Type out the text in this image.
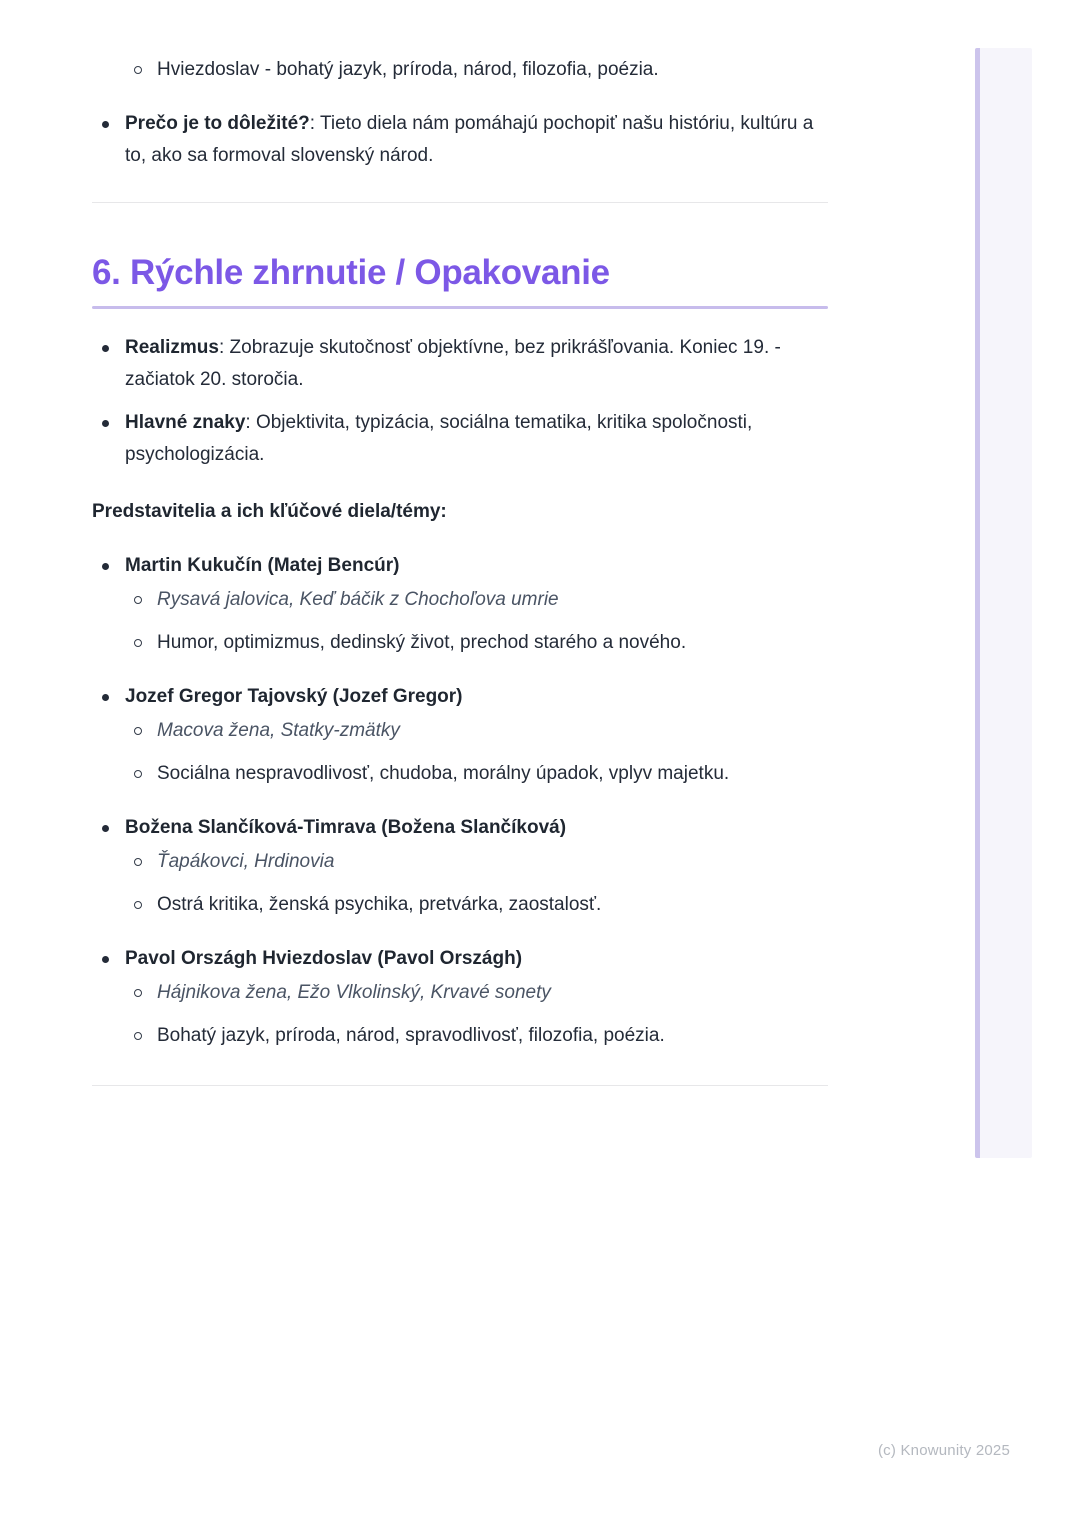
Hviezdoslav - bohatý jazyk, príroda, národ, filozofia, poézia.
Prečo je to dôležité?: Tieto diela nám pomáhajú pochopiť našu históriu, kultúru a to, ako sa formoval slovenský národ.
6. Rýchle zhrnutie / Opakovanie
Realizmus: Zobrazuje skutočnosť objektívne, bez prikrášľovania. Koniec 19. - začiatok 20. storočia.
Hlavné znaky: Objektivita, typizácia, sociálna tematika, kritika spoločnosti, psychologizácia.

Predstavitelia a ich kľúčové diela/témy:

Martin Kukučín (Matej Bencúr)
Rysavá jalovica, Keď báčik z Chochoľova umrie
Humor, optimizmus, dedinský život, prechod starého a nového.
Jozef Gregor Tajovský (Jozef Gregor)
Macova žena, Statky-zmätky
Sociálna nespravodlivosť, chudoba, morálny úpadok, vplyv majetku.
Božena Slančíková-Timrava (Božena Slančíková)
Ťapákovci, Hrdinovia
Ostrá kritika, ženská psychika, pretvárka, zaostalosť.
Pavol Országh Hviezdoslav (Pavol Országh)
Hájnikova žena, Ežo Vlkolinský, Krvavé sonety
Bohatý jazyk, príroda, národ, spravodlivosť, filozofia, poézia.
(c) Knowunity 2025
